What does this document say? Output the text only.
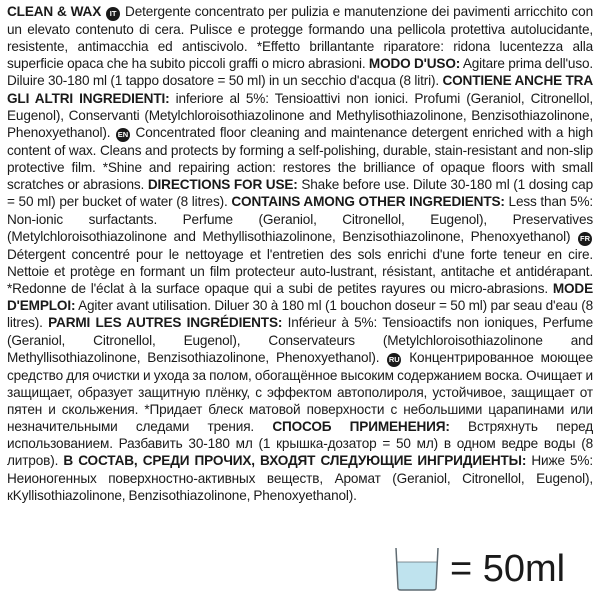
CLEAN & WAX IT Detergente concentrato per pulizia e manutenzione dei pavimenti arricchito con un elevato contenuto di cera. Pulisce e protegge formando una pellicola protettiva autolucidante, resistente, antimacchia ed antiscivolo. *Effetto brillantante riparatore: ridona lucentezza alla superficie opaca che ha subito piccoli graffi o micro abrasioni. MODO D'USO: Agitare prima dell'uso. Diluire 30-180 ml (1 tappo dosatore = 50 ml) in un secchio d'acqua (8 litri). CONTIENE ANCHE TRA GLI ALTRI INGREDIENTI: inferiore al 5%: Tensioattivi non ionici. Profumi (Geraniol, Citronellol, Eugenol), Conservanti (Metylchloroisothiazolinone and Methylisothiazolinone, Benzisothiazolinone, Phenoxyethanol). EN Concentrated floor cleaning and maintenance detergent enriched with a high content of wax. Cleans and protects by forming a self-polishing, durable, stain-resistant and non-slip protective film. *Shine and repairing action: restores the brilliance of opaque floors with small scratches or abrasions. DIRECTIONS FOR USE: Shake before use. Dilute 30-180 ml (1 dosing cap = 50 ml) per bucket of water (8 litres). CONTAINS AMONG OTHER INGREDIENTS: Less than 5%: Non-ionic surfactants. Perfume (Geraniol, Citronellol, Eugenol), Preservatives (Metylchloroisothiazolinone and Methyllisothiazolinone, Benzisothiazolinone, Phenoxyethanol) FR Détergent concentré pour le nettoyage et l'entretien des sols enrichi d'une forte teneur en cire. Nettoie et protège en formant un film protecteur auto-lustrant, résistant, antitache et antidérapant. *Redonne de l'éclat à la surface opaque qui a subi de petites rayures ou micro-abrasions. MODE D'EMPLOI: Agiter avant utilisation. Diluer 30 à 180 ml (1 bouchon doseur = 50 ml) par seau d'eau (8 litres). PARMI LES AUTRES INGRÉDIENTS: Inférieur à 5%: Tensioactifs non ioniques, Perfume (Geraniol, Citronellol, Eugenol), Conservateurs (Metylchloroisothiazolinone and Methyllisothiazolinone, Benzisothiazolinone, Phenoxyethanol). RU Концентрированное моющее средство для очистки и ухода за полом, обогащённое высоким содержанием воска. Очищает и защищает, образует защитную плёнку, с эффектом автополироля, устойчивое, защищает от пятен и скольжения. *Придает блеск матовой поверхности с небольшими царапинами или незначительными следами трения. СПОСОБ ПРИМЕНЕНИЯ: Встряхнуть перед использованием. Разбавить 30-180 мл (1 крышка-дозатор = 50 мл) в одном ведре воды (8 литров). В СОСТАВ, СРЕДИ ПРОЧИХ, ВХОДЯТ СЛЕДУЮЩИЕ ИНГРИДИЕНТЫ: Ниже 5%: Неионогенных поверхностно-активных веществ, Аромат (Geraniol, Citronellol, Eugenol), кKyllisothiazolinone, Benzisothiazolinone, Phenoxyethanol).
= 50ml
